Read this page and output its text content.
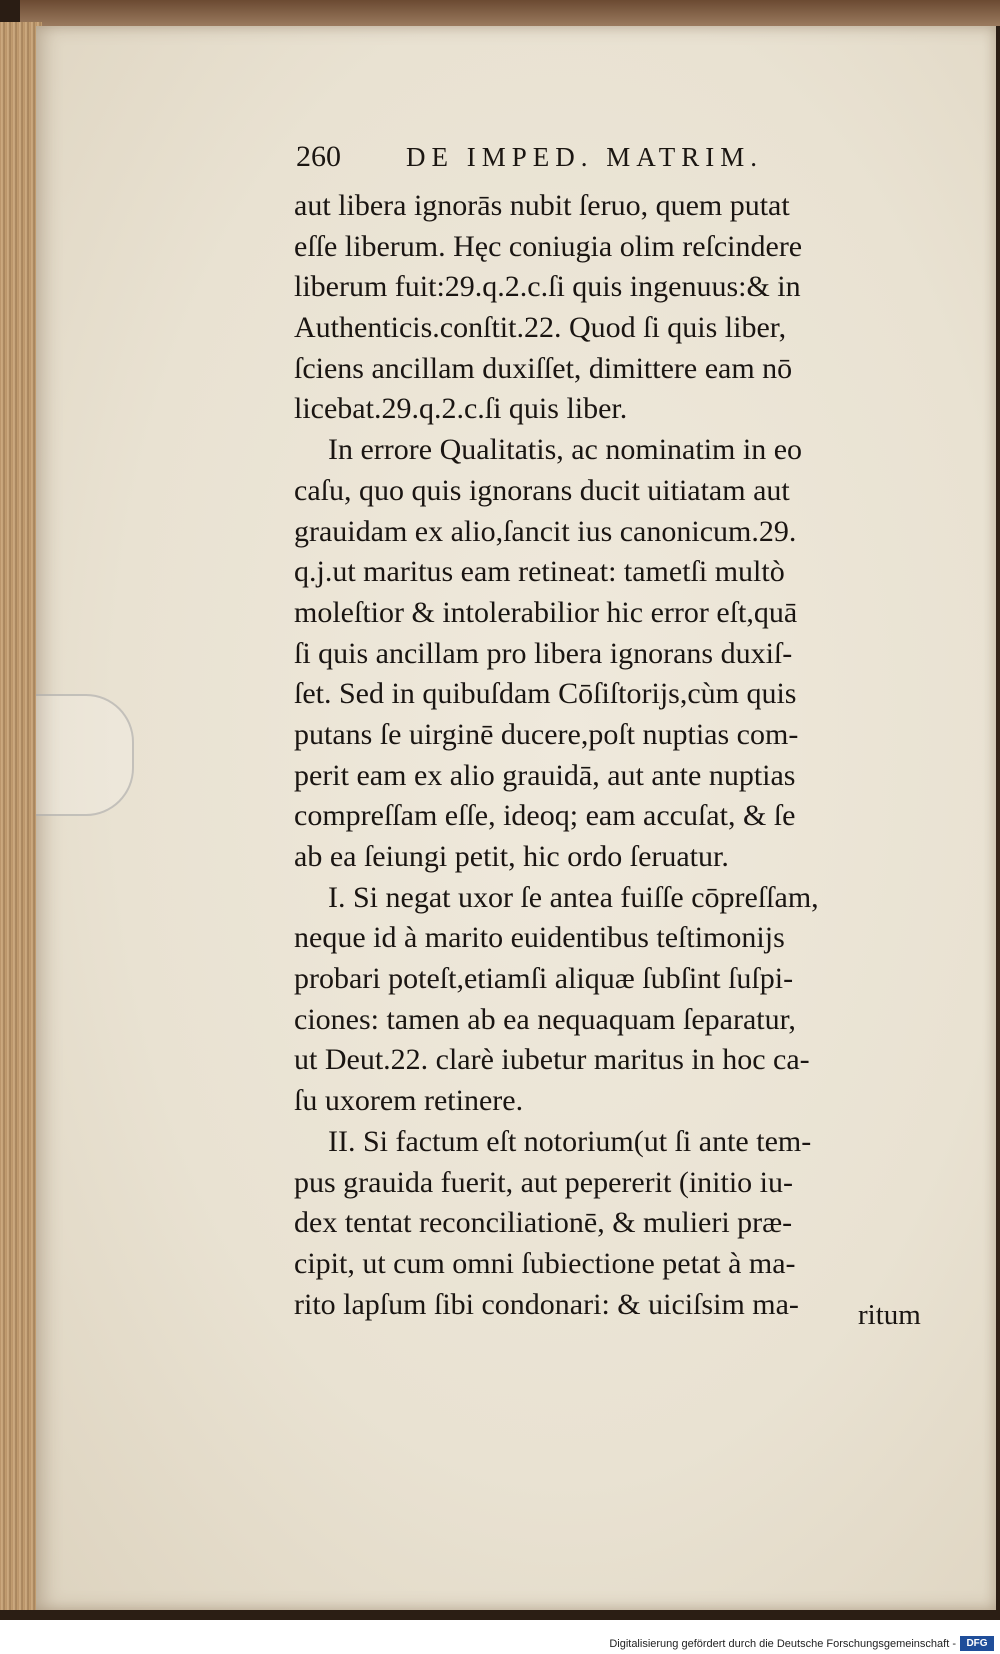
260	DE IMPED. MATRIM.
aut libera ignorās nubit ſeruo, quem putat
eſſe liberum. Hęc coniugia olim reſcindere
liberum fuit:29.q.2.c.ſi quis ingenuus:& in
Authenticis.conſtit.22. Quod ſi quis liber,
ſciens ancillam duxiſſet, dimittere eam nō
licebat.29.q.2.c.ſi quis liber.
In errore Qualitatis, ac nominatim in eo
caſu, quo quis ignorans ducit uitiatam aut
grauidam ex alio,ſancit ius canonicum.29.
q.j.ut maritus eam retineat: tametſi multò
moleſtior & intolerabilior hic error eſt,quā
ſi quis ancillam pro libera ignorans duxiſ-
ſet. Sed in quibuſdam Cōſiſtorijs,cùm quis
putans ſe uirginē ducere,poſt nuptias com-
perit eam ex alio grauidā, aut ante nuptias
compreſſam eſſe, ideoq; eam accuſat, & ſe
ab ea ſeiungi petit, hic ordo ſeruatur.
I. Si negat uxor ſe antea fuiſſe cōpreſſam,
neque id à marito euidentibus teſtimonijs
probari poteſt,etiamſi aliquæ ſubſint ſuſpi-
ciones: tamen ab ea nequaquam ſeparatur,
ut Deut.22. clarè iubetur maritus in hoc ca-
ſu uxorem retinere.
II. Si factum eſt notorium(ut ſi ante tem-
pus grauida fuerit, aut pepererit (initio iu-
dex tentat reconciliationē, & mulieri præ-
cipit, ut cum omni ſubiectione petat à ma-
rito lapſum ſibi condonari: & uiciſsim ma-	ritum
Digitalisierung gefördert durch die Deutsche Forschungsgemeinschaft -	DFG
